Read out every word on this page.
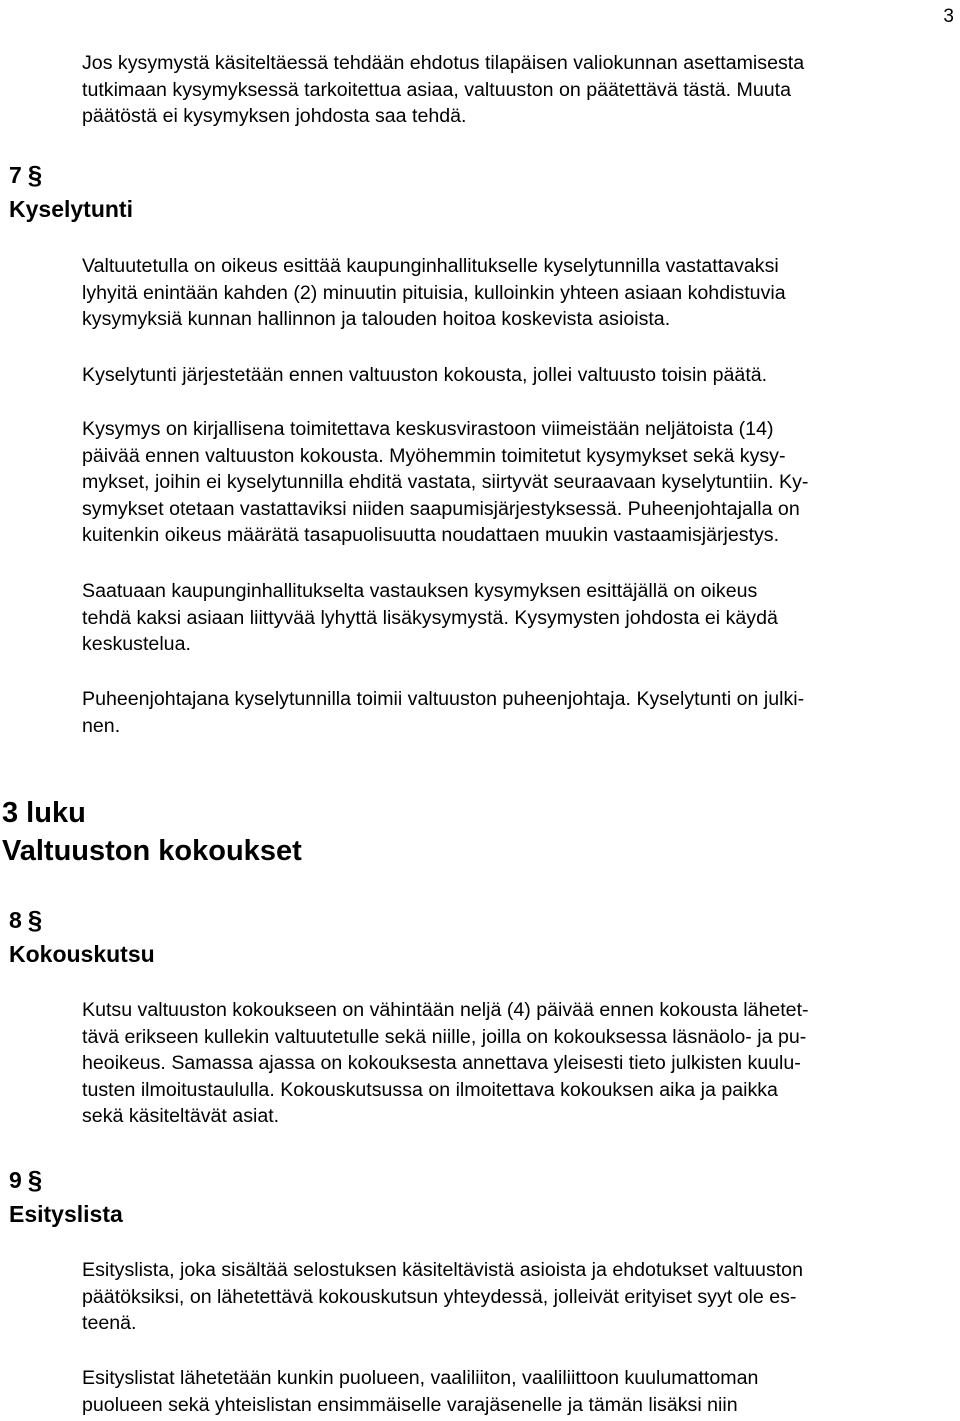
3

Jos kysymystä käsiteltäessä tehdään ehdotus tilapäisen valiokunnan asettamisesta
tutkimaan kysymyksessä tarkoitettua asiaa, valtuuston on päätettävä tästä. Muuta
päätöstä ei kysymyksen johdosta saa tehdä.

7 §

Kyselytunti

Valtuutetulla on oikeus esittää kaupunginhallitukselle kyselytunnilla vastattavaksi
lyhyitä enintään kahden (2) minuutin pituisia, kulloinkin yhteen asiaan kohdistuvia
kysymyksiä kunnan hallinnon ja talouden hoitoa koskevista asioista.

Kyselytunti järjestetään ennen valtuuston kokousta, jollei valtuusto toisin päätä.

Kysymys on kirjallisena toimitettava keskusvirastoon viimeistään neljätoista (14)
päivää ennen valtuuston kokousta. Myöhemmin toimitetut kysymykset sekä kysy-
mykset, joihin ei kyselytunnilla ehditä vastata, siirtyvät seuraavaan kyselytuntiin. Ky-
symykset otetaan vastattaviksi niiden saapumisjärjestyksessä. Puheenjohtajalla on
kuitenkin oikeus määrätä tasapuolisuutta noudattaen muukin vastaamisjärjestys.

Saatuaan kaupunginhallitukselta vastauksen kysymyksen esittäjällä on oikeus
tehdä kaksi asiaan liittyvää lyhyttä lisäkysymystä. Kysymysten johdosta ei käydä
keskustelua.

Puheenjohtajana kyselytunnilla toimii valtuuston puheenjohtaja. Kyselytunti on julki-
nen.

3 luku
Valtuuston kokoukset
8 §

Kokouskutsu

Kutsu valtuuston kokoukseen on vähintään neljä (4) päivää ennen kokousta lähetet-
tävä erikseen kullekin valtuutetulle sekä niille, joilla on kokouksessa läsnäolo- ja pu-
heoikeus. Samassa ajassa on kokouksesta annettava yleisesti tieto julkisten kuulu-
tusten ilmoitustaululla. Kokouskutsussa on ilmoitettava kokouksen aika ja paikka
sekä käsiteltävät asiat.

9 §

Esityslista

Esityslista, joka sisältää selostuksen käsiteltävistä asioista ja ehdotukset valtuuston
päätöksiksi, on lähetettävä kokouskutsun yhteydessä, jolleivät erityiset syyt ole es-
teenä.

Esityslistat lähetetään kunkin puolueen, vaaliliiton, vaaliliittoon kuulumattoman
puolueen sekä yhteislistan ensimmäiselle varajäsenelle ja tämän lisäksi niin
